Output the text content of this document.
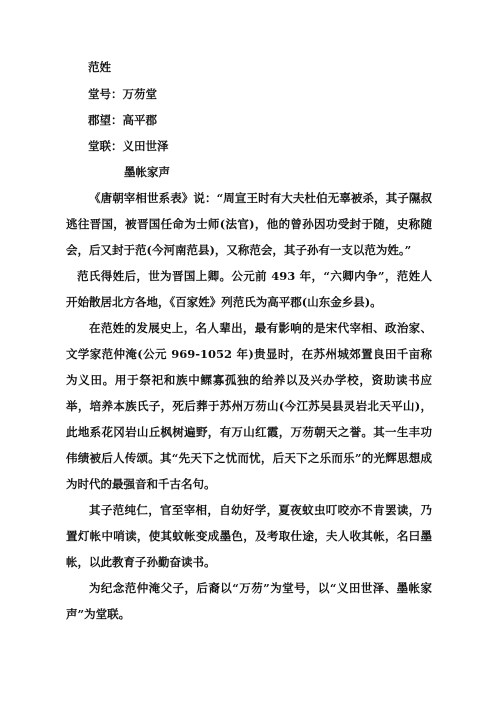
范姓
堂号：万芴堂
郡望：高平郡
堂联：义田世泽
墨帐家声

《唐朝宰相世系表》说：“周宣王时有大夫杜伯无辜被杀，其子隰叔逃往晋国，被晋国任命为士师(法官)，他的曾孙因功受封于随，史称随会，后又封于范(今河南范县)，又称范会，其子孙有一支以范为姓。”

范氏得姓后，世为晋国上卿。公元前 493 年，“六卿内争”，范姓人开始散居北方各地，《百家姓》列范氏为高平郡(山东金乡县)。

在范姓的发展史上，名人辈出，最有影响的是宋代宰相、政治家、文学家范仲淹(公元 969-1052 年)贵显时，在苏州城郊置良田千亩称为义田。用于祭祀和族中鳏寡孤独的给养以及兴办学校，资助读书应举，培养本族氏子，死后葬于苏州万芴山(今江苏吴县灵岩北天平山)，此地系花冈岩山丘枫树遍野，有万山红霞，万芴朝天之誉。其一生丰功伟绩被后人传颂。其“先天下之忧而忧，后天下之乐而乐”的光辉思想成为时代的最强音和千古名句。

其子范纯仁，官至宰相，自幼好学，夏夜蚊虫叮咬亦不肯罢读，乃置灯帐中哨读，使其蚊帐变成墨色，及考取仕途，夫人收其帐，名曰墨帐，以此教育子孙勤奋读书。

为纪念范仲淹父子，后裔以“万芴”为堂号，以“义田世泽、墨帐家声”为堂联。
